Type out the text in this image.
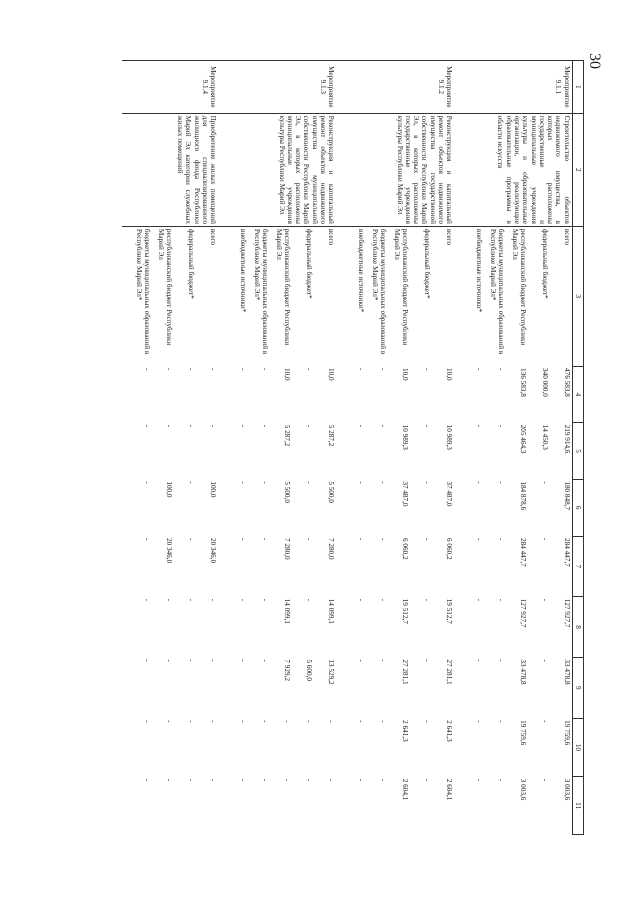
30
1	2	3	4	5	6	7	8	9	10	11
Мероприятие 9.1.1	Строительство объектов недвижимого имущества, в которых расположены государственные и муниципальные учреждения культуры и образовательные организации, реализующие образовательные программы в области искусств	всего	476 583,8	219 914,6	180 848,7	284 447,7	127 927,7	33 478,8	19 759,6	3 003,6
		федеральный бюджет*	340 000,0	14 450,3	-	-	-	-	-	-
		республиканский бюджет Республики Марий Эл	136 583,8	205 464,3	184 878,6	284 447,7	127 927,7	33 478,8	19 759,6	3 003,6
		бюджеты муниципальных образований в Республике Марий Эл*	-	-	-	-	-	-	-	-
		внебюджетные источники*	-	-	-	-	-	-	-	-
Мероприятие 9.1.2	Реконструкция и капитальный ремонт объектов недвижимого имущества государственной собственности Республики Марий Эл, в которых расположены государственные учреждения культуры Республики Марий Эл	всего	10,0	10 989,3	37 487,0	6 060,2	19 512,7	27 281,1	2 641,3	2 604,1
		федеральный бюджет*	-	-	-	-	-	-	-	-
		республиканский бюджет Республики Марий Эл	10,0	10 989,3	37 487,0	6 060,2	19 512,7	27 281,1	2 641,3	2 604,1
		бюджеты муниципальных образований в Республике Марий Эл*	-	-	-	-	-	-	-	-
		внебюджетные источники*	-	-	-	-	-	-	-	-
Мероприятие 9.1.3	Реконструкция и капитальный ремонт объектов недвижимого имущества муниципальной собственности Республики Марий Эл, в которых расположены муниципальные учреждения культуры Республики Марий Эл	всего	10,0	5 287,2	5 500,0	7 280,0	14 099,1	13 529,2	-	-
		федеральный бюджет*	-	-	-	-	-	5 600,0	-	-
		республиканский бюджет Республики Марий Эл	10,0	5 287,2	5 500,0	7 280,0	14 099,1	7 929,2	-	-
		бюджеты муниципальных образований в Республике Марий Эл*	-	-	-	-	-	-	-	-
		внебюджетные источники*	-	-	-	-	-	-	-	-
Мероприятие 9.1.4	Приобретение жилых помещений для специализированного жилищного фонда Республики Марий Эл категории служебных жилых помещений	всего	-	-	100,0	20 346,0	-	-	-	-
		федеральный бюджет*	-	-	-	-	-	-	-	-
		республиканский бюджет Республики Марий Эл	-	-	100,0	20 346,0	-	-	-	-
		бюджеты муниципальных образований в Республике Марий Эл*	-	-	-	-	-	-	-	-
